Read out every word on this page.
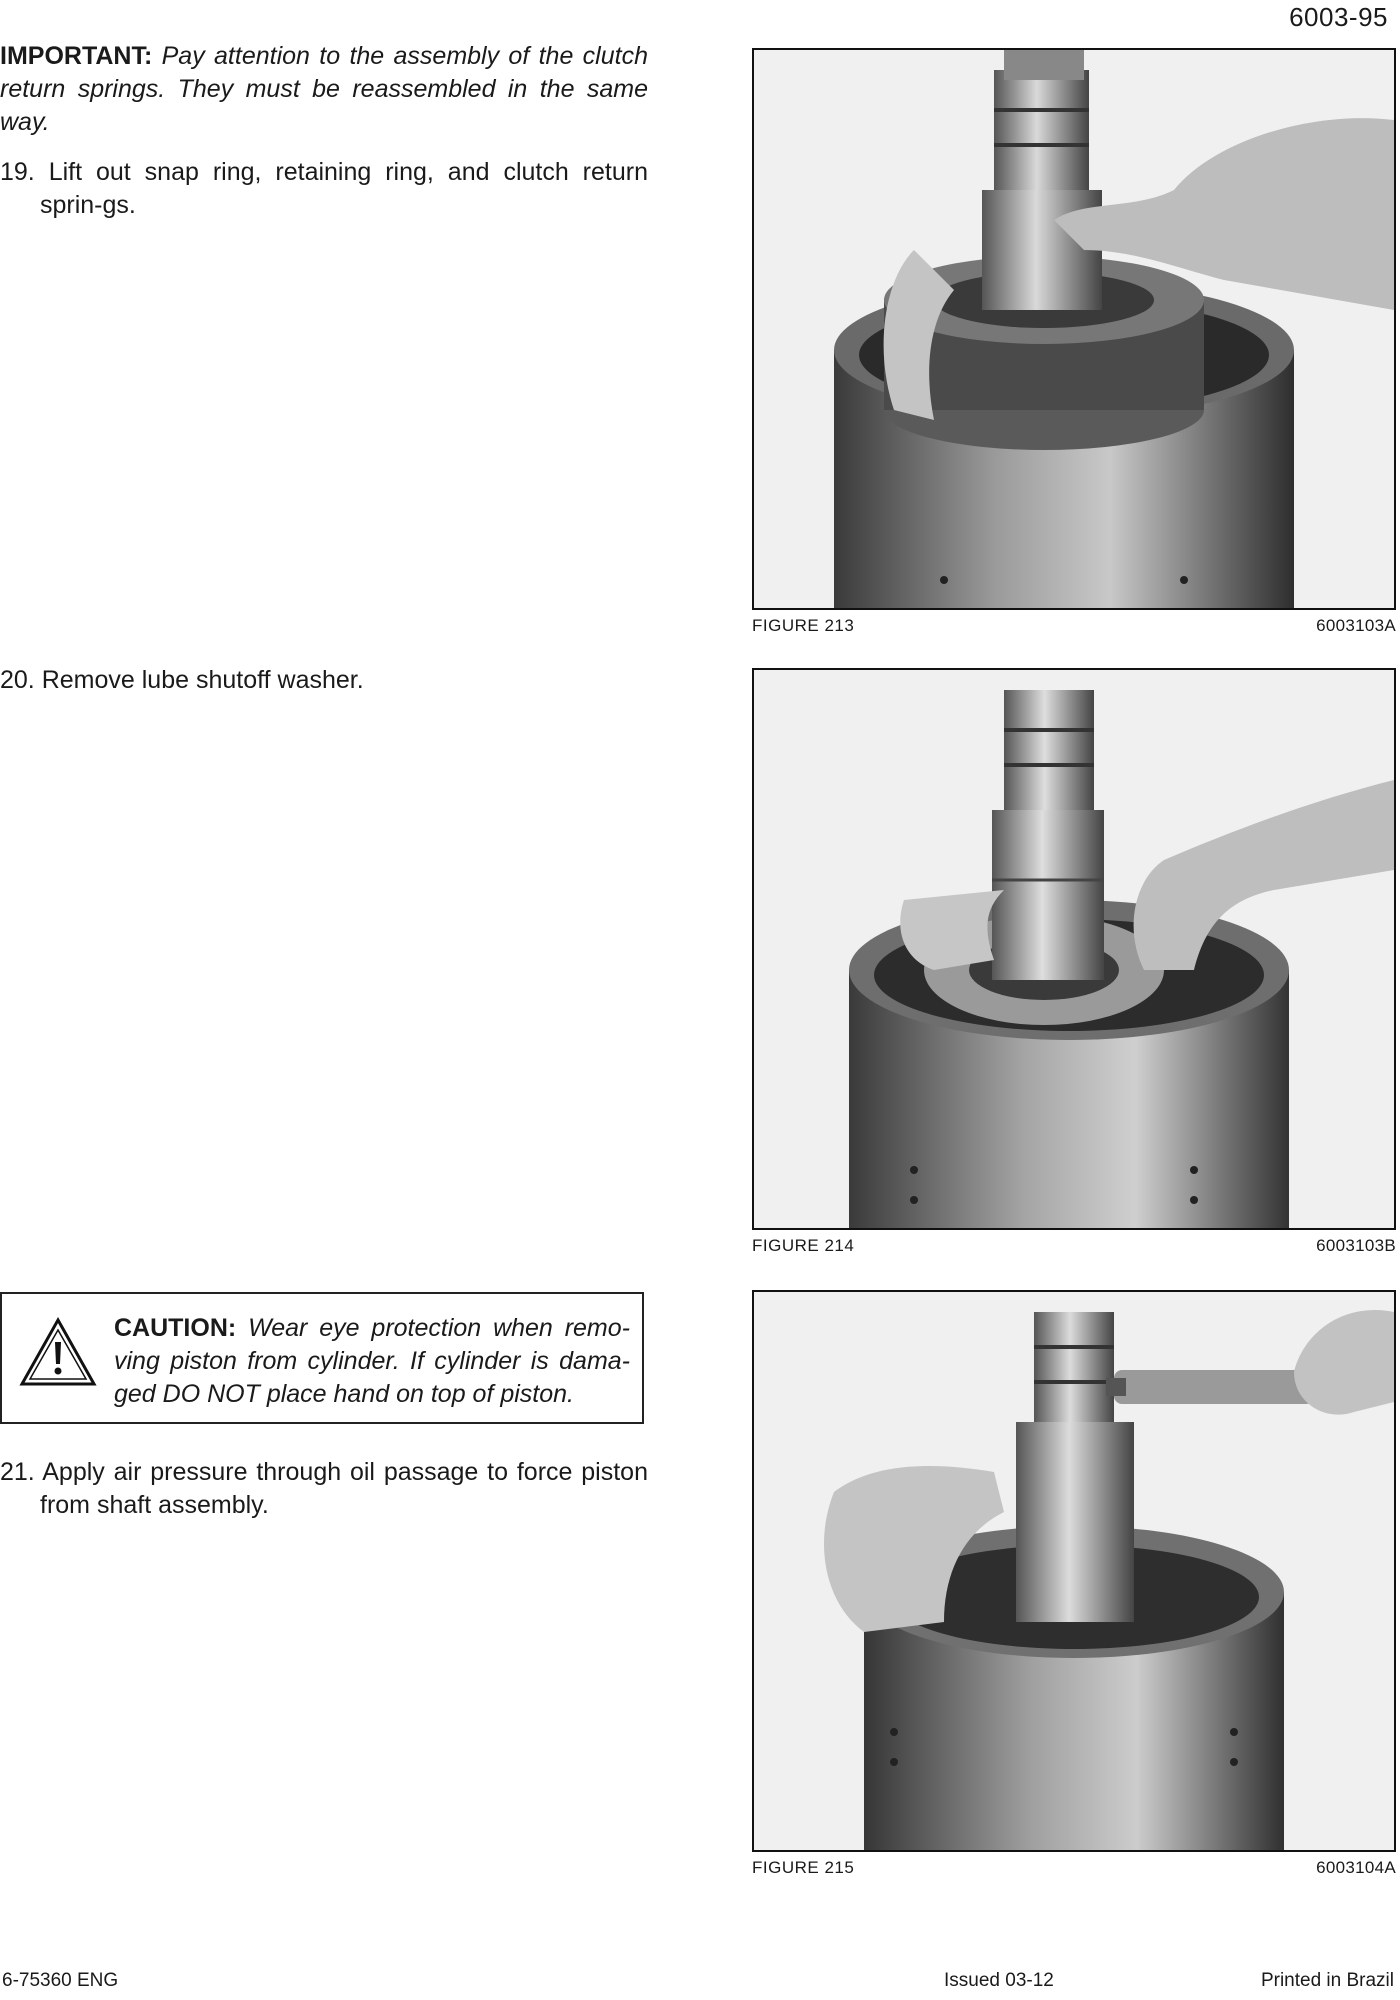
6003-95

IMPORTANT: Pay attention to the assembly of the clutch return springs. They must be reassembled in the same way.

19. Lift out snap ring, retaining ring, and clutch return sprin-gs.

20. Remove lube shutoff washer.

CAUTION: Wear eye protection when remo-ving piston from cylinder. If cylinder is dama-ged DO NOT place hand on top of piston.

21. Apply air pressure through oil passage to force piston from shaft assembly.

FIGURE 213	6003103A
FIGURE 214	6003103B
FIGURE 215	6003104A
6-75360 ENG	Issued 03-12	Printed in Brazil
